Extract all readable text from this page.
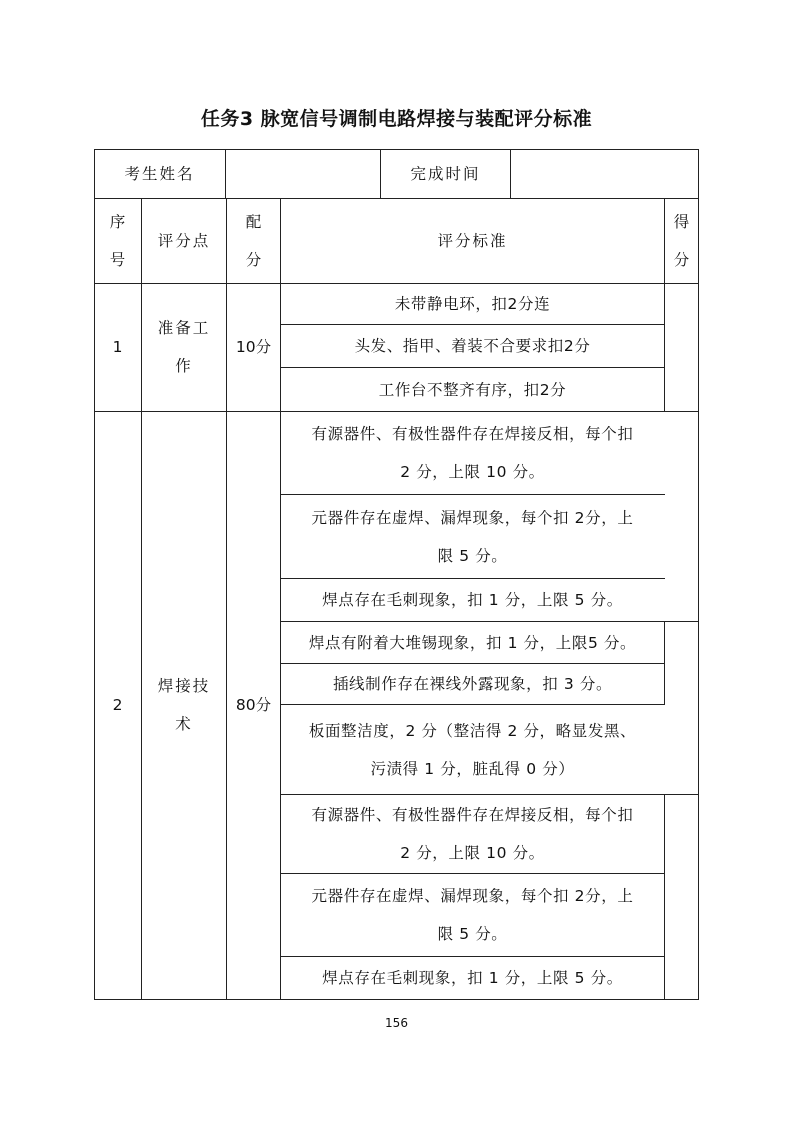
任务3 脉宽信号调制电路焊接与装配评分标准
考生姓名	完成时间
序
号
评分点
配
分
评分标准
得
分
1
准备工
作
10分
未带静电环，扣2分连
头发、指甲、着装不合要求扣2分
工作台不整齐有序，扣2分
2
焊接技
术
80分
有源器件、有极性器件存在焊接反相，每个扣
2 分，上限 10 分。
元器件存在虚焊、漏焊现象，每个扣 2分，上
限 5 分。
焊点存在毛刺现象，扣 1 分，上限 5 分。
焊点有附着大堆锡现象，扣 1 分，上限5 分。
插线制作存在裸线外露现象，扣 3 分。
板面整洁度，2 分（整洁得 2 分，略显发黑、
污渍得 1 分，脏乱得 0 分）
有源器件、有极性器件存在焊接反相，每个扣
2 分，上限 10 分。
元器件存在虚焊、漏焊现象，每个扣 2分，上
限 5 分。
焊点存在毛刺现象，扣 1 分，上限 5 分。
156
